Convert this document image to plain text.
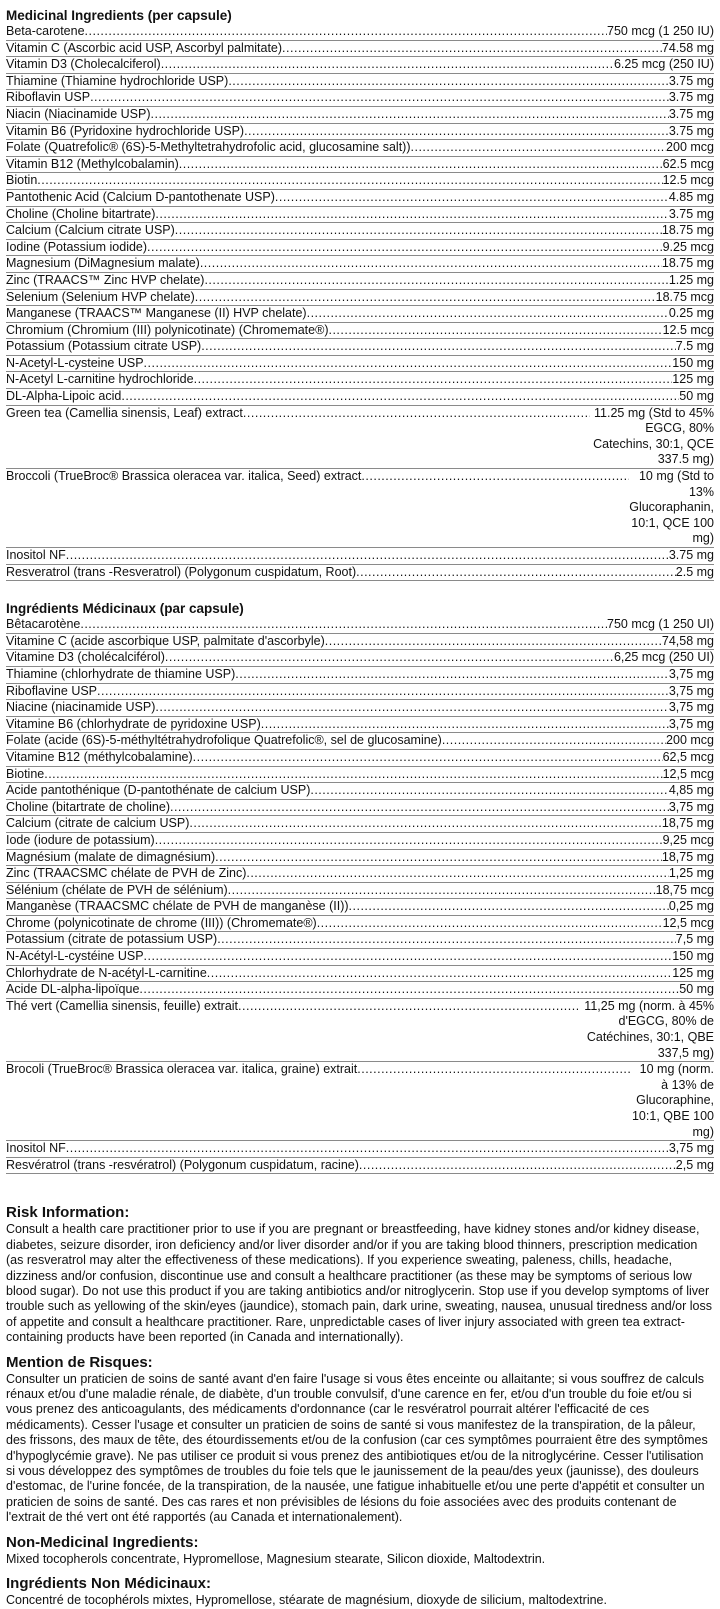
Medicinal Ingredients (per capsule)
Beta-carotene .....	750 mcg (1 250 IU)
Vitamin C (Ascorbic acid USP, Ascorbyl palmitate) .....	74.58 mg
Vitamin D3 (Cholecalciferol) .....	6.25 mcg (250 IU)
Thiamine (Thiamine hydrochloride USP) .....	3.75 mg
Riboflavin USP .....	3.75 mg
Niacin (Niacinamide USP) .....	3.75 mg
Vitamin B6 (Pyridoxine hydrochloride USP) .....	3.75 mg
Folate (Quatrefolic® (6S)-5-Methyltetrahydrofolic acid, glucosamine salt)) .....	200 mcg
Vitamin B12 (Methylcobalamin) .....	62.5 mcg
Biotin .....	12.5 mcg
Pantothenic Acid (Calcium D-pantothenate USP) .....	4.85 mg
Choline (Choline bitartrate) .....	3.75 mg
Calcium (Calcium citrate USP) .....	18.75 mg
Iodine (Potassium iodide) .....	9.25 mcg
Magnesium (DiMagnesium malate) .....	18.75 mg
Zinc (TRAACS™ Zinc HVP chelate) .....	1.25 mg
Selenium (Selenium HVP chelate) .....	18.75 mcg
Manganese (TRAACS™ Manganese (II) HVP chelate) .....	0.25 mg
Chromium (Chromium (III) polynicotinate) (Chromemate®) .....	12.5 mcg
Potassium (Potassium citrate USP) .....	7.5 mg
N-Acetyl-L-cysteine USP .....	150 mg
N-Acetyl L-carnitine hydrochloride .....	125 mg
DL-Alpha-Lipoic acid .....	50 mg
Green tea (Camellia sinensis, Leaf) extract .....	11.25 mg (Std to 45% EGCG, 80% Catechins, 30:1, QCE 337.5 mg)
Broccoli (TrueBroc® Brassica oleracea var. italica, Seed) extract .....	10 mg (Std to 13% Glucoraphanin, 10:1, QCE 100 mg)
Inositol NF .....	3.75 mg
Resveratrol (trans -Resveratrol) (Polygonum cuspidatum, Root) .....	2.5 mg
Ingrédients Médicinaux (par capsule)
Bêtacarotène .....	750 mcg (1 250 UI)
Vitamine C (acide ascorbique USP, palmitate d'ascorbyle) .....	74,58 mg
Vitamine D3 (cholécalciférol) .....	6,25 mcg (250 UI)
Thiamine (chlorhydrate de thiamine USP) .....	3,75 mg
Riboflavine USP .....	3,75 mg
Niacine (niacinamide USP) .....	3,75 mg
Vitamine B6 (chlorhydrate de pyridoxine USP) .....	3,75 mg
Folate (acide (6S)-5-méthyltétrahydrofolique Quatrefolic®, sel de glucosamine) .....	200 mcg
Vitamine B12 (méthylcobalamine) .....	62,5 mcg
Biotine .....	12,5 mcg
Acide pantothénique (D-pantothénate de calcium USP) .....	4,85 mg
Choline (bitartrate de choline) .....	3,75 mg
Calcium (citrate de calcium USP) .....	18,75 mg
Iode (iodure de potassium) .....	9,25 mcg
Magnésium (malate de dimagnésium) .....	18,75 mg
Zinc (TRAACSMC chélate de PVH de Zinc) .....	1,25 mg
Sélénium (chélate de PVH de sélénium) .....	18,75 mcg
Manganèse (TRAACSMC chélate de PVH de manganèse (II)) .....	0,25 mg
Chrome (polynicotinate de chrome (III)) (Chromemate®) .....	12,5 mcg
Potassium (citrate de potassium USP) .....	7,5 mg
N-Acétyl-L-cystéine USP .....	150 mg
Chlorhydrate de N-acétyl-L-carnitine .....	125 mg
Acide DL-alpha-lipoïque .....	50 mg
Thé vert (Camellia sinensis, feuille) extrait .....	11,25 mg (norm. à 45% d'EGCG, 80% de Catéchines, 30:1, QBE 337,5 mg)
Brocoli (TrueBroc® Brassica oleracea var. italica, graine) extrait .....	10 mg (norm. à 13% de Glucoraphine, 10:1, QBE 100 mg)
Inositol NF .....	3,75 mg
Resvératrol (trans -resvératrol) (Polygonum cuspidatum, racine) .....	2,5 mg
Risk Information:

Consult a health care practitioner prior to use if you are pregnant or breastfeeding, have kidney stones and/or kidney disease, diabetes, seizure disorder, iron deficiency and/or liver disorder and/or if you are taking blood thinners, prescription medication (as resveratrol may alter the effectiveness of these medications). If you experience sweating, paleness, chills, headache, dizziness and/or confusion, discontinue use and consult a healthcare practitioner (as these may be symptoms of serious low blood sugar). Do not use this product if you are taking antibiotics and/or nitroglycerin. Stop use if you develop symptoms of liver trouble such as yellowing of the skin/eyes (jaundice), stomach pain, dark urine, sweating, nausea, unusual tiredness and/or loss of appetite and consult a healthcare practitioner. Rare, unpredictable cases of liver injury associated with green tea extract-containing products have been reported (in Canada and internationally).

Mention de Risques:

Consulter un praticien de soins de santé avant d'en faire l'usage si vous êtes enceinte ou allaitante; si vous souffrez de calculs rénaux et/ou d'une maladie rénale, de diabète, d'un trouble convulsif, d'une carence en fer, et/ou d'un trouble du foie et/ou si vous prenez des anticoagulants, des médicaments d'ordonnance (car le resvératrol pourrait altérer l'efficacité de ces médicaments). Cesser l'usage et consulter un praticien de soins de santé si vous manifestez de la transpiration, de la pâleur, des frissons, des maux de tête, des étourdissements et/ou de la confusion (car ces symptômes pourraient être des symptômes d'hypoglycémie grave). Ne pas utiliser ce produit si vous prenez des antibiotiques et/ou de la nitroglycérine. Cesser l'utilisation si vous développez des symptômes de troubles du foie tels que le jaunissement de la peau/des yeux (jaunisse), des douleurs d'estomac, de l'urine foncée, de la transpiration, de la nausée, une fatigue inhabituelle et/ou une perte d'appétit et consulter un praticien de soins de santé. Des cas rares et non prévisibles de lésions du foie associées avec des produits contenant de l'extrait de thé vert ont été rapportés (au Canada et internationalement).

Non-Medicinal Ingredients:

Mixed tocopherols concentrate, Hypromellose, Magnesium stearate, Silicon dioxide, Maltodextrin.

Ingrédients Non Médicinaux:

Concentré de tocophérols mixtes, Hypromellose, stéarate de magnésium, dioxyde de silicium, maltodextrine.
